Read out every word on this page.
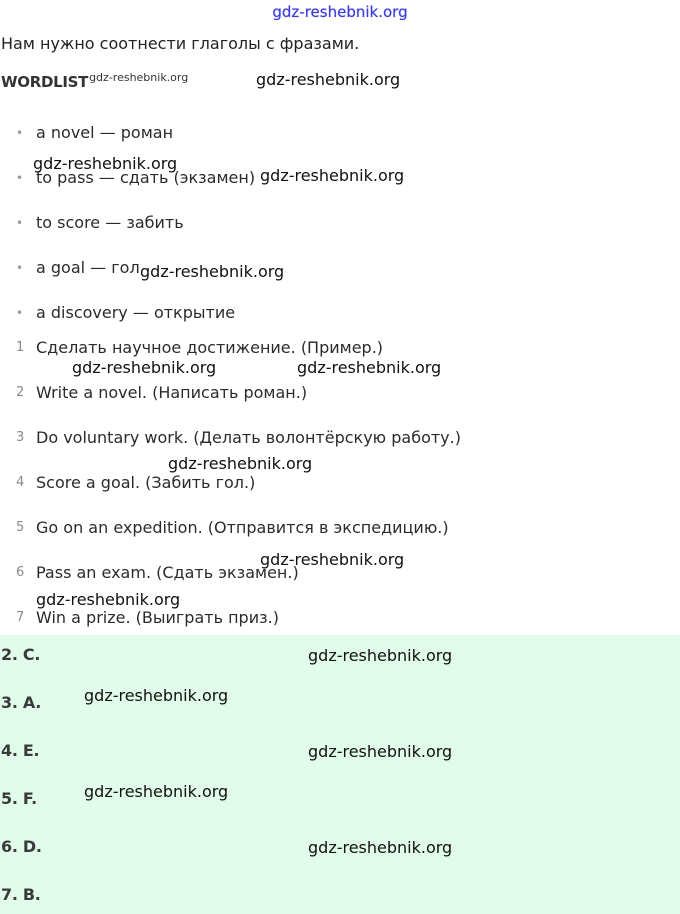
gdz-reshebnik.org
Нам нужно соотнести глаголы с фразами.
$WORDLIST^{gdz-reshebnik.org}$
• a novel — роман
• to pass — сдать (экзамен)
• to score — забить
• a goal — гол
• a discovery — открытие
1 Сделать научное достижение. (Пример.)
2 Write a novel. (Написать роман.)
3 Do voluntary work. (Делать волонтёрскую работу.)
4 Score a goal. (Забить гол.)
5 Go on an expedition. (Отправится в экспедицию.)
6 Pass an exam. (Сдать экзамен.)
7 Win a prize. (Выиграть приз.)
2. C.
3. A.
4. E.
5. F.
6. D.
7. B.
gdz-reshebnik.org
gdz-reshebnik.org
gdz-reshebnik.org
gdz-reshebnik.org
gdz-reshebnik.org	gdz-reshebnik.org
gdz-reshebnik.org
gdz-reshebnik.org
gdz-reshebnik.org
gdz-reshebnik.org
gdz-reshebnik.org
gdz-reshebnik.org
gdz-reshebnik.org
gdz-reshebnik.org
